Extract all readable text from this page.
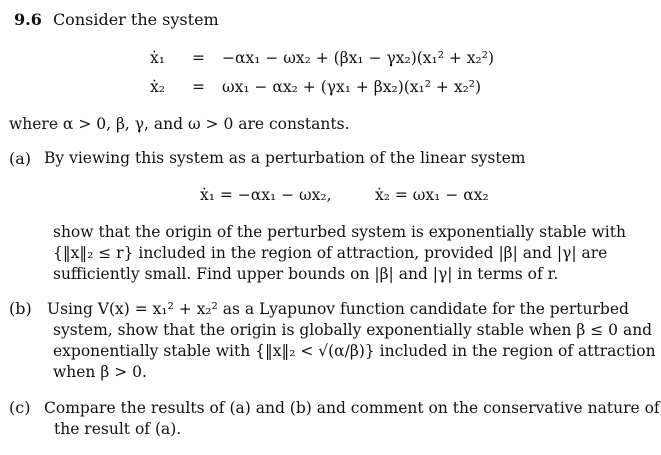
9.6 Consider the system
ẋ₁ = −αx₁ − ωx₂ + (βx₁ − γx₂)(x₁² + x₂²)
ẋ₂ = ωx₁ − αx₂ + (γx₁ + βx₂)(x₁² + x₂²)
where α > 0, β, γ, and ω > 0 are constants.
(a) By viewing this system as a perturbation of the linear system
ẋ₁ = −αx₁ − ωx₂,	ẋ₂ = ωx₁ − αx₂
show that the origin of the perturbed system is exponentially stable with
{‖x‖₂ ≤ r} included in the region of attraction, provided |β| and |γ| are
sufficiently small. Find upper bounds on |β| and |γ| in terms of r.
(b) Using V(x) = x₁² + x₂² as a Lyapunov function candidate for the perturbed
system, show that the origin is globally exponentially stable when β ≤ 0 and
exponentially stable with {‖x‖₂ < √(α/β)} included in the region of attraction
when β > 0.
(c) Compare the results of (a) and (b) and comment on the conservative nature of
the result of (a).
